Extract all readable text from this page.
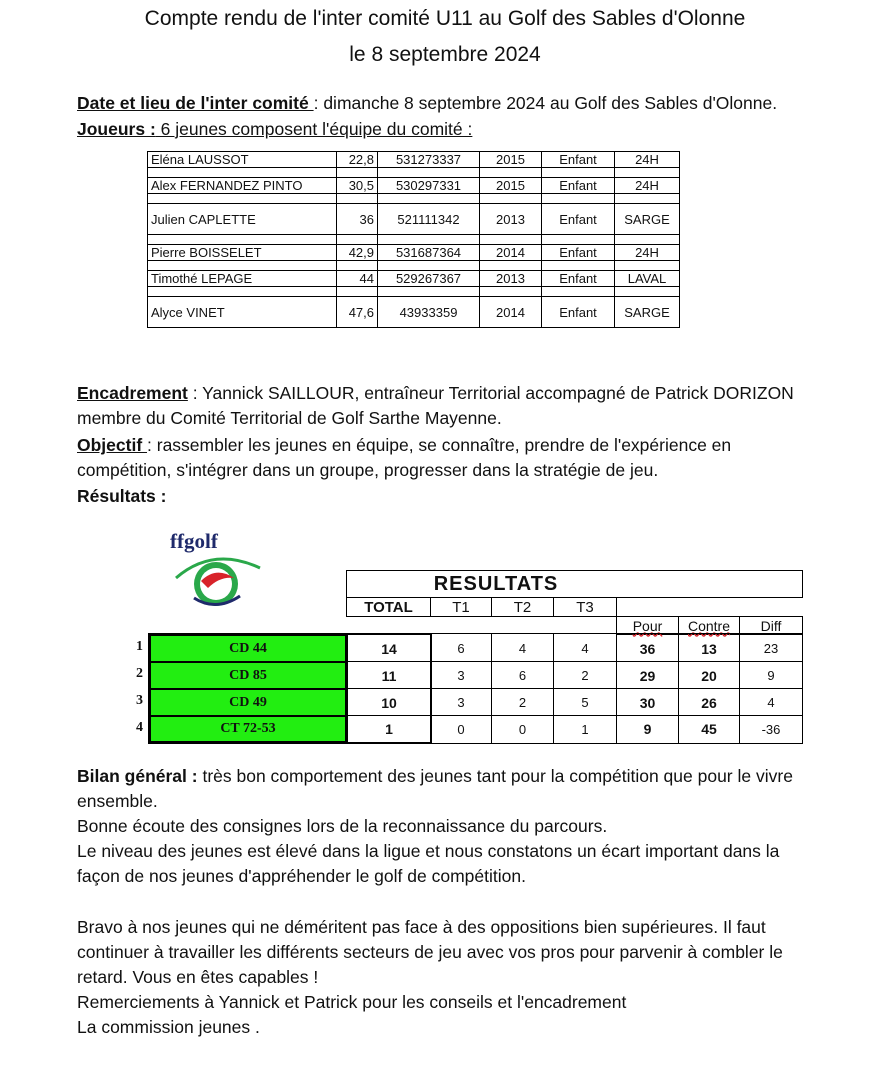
Compte rendu de l'inter comité U11 au Golf des Sables d'Olonne
le 8 septembre 2024
Date et lieu de l'inter comité : dimanche 8 septembre 2024 au Golf des Sables d'Olonne.
Joueurs : 6 jeunes composent l'équipe du comité :
Eléna LAUSSOT	22,8	531273337	2015	Enfant	24H

Alex FERNANDEZ PINTO	30,5	530297331	2015	Enfant	24H

Julien CAPLETTE	36	521111342	2013	Enfant	SARGE

Pierre BOISSELET	42,9	531687364	2014	Enfant	24H

Timothé LEPAGE	44	529267367	2013	Enfant	LAVAL

Alyce VINET	47,6	43933359	2014	Enfant	SARGE
Encadrement : Yannick SAILLOUR, entraîneur Territorial accompagné de Patrick DORIZON
membre du Comité Territorial de Golf Sarthe Mayenne.
Objectif : rassembler les jeunes en équipe, se connaître, prendre de l'expérience en
compétition, s'intégrer dans un groupe, progresser dans la stratégie de jeu.
Résultats :
ffgolf
RESULTATS
TOTAL	T1	T2	T3
Pour	Contre	Diff
1	CD 44	14	6	4	4	36	13	23
2	CD 85	11	3	6	2	29	20	9
3	CD 49	10	3	2	5	30	26	4
4	CT 72-53	1	0	0	1	9	45	-36
Bilan général : très bon comportement des jeunes tant pour la compétition que pour le vivre
ensemble.
Bonne écoute des consignes lors de la reconnaissance du parcours.
Le niveau des jeunes est élevé dans la ligue et nous constatons un écart important dans la
façon de nos jeunes d'appréhender le golf de compétition.
Bravo à nos jeunes qui ne déméritent pas face à des oppositions bien supérieures. Il faut
continuer à travailler les différents secteurs de jeu avec vos pros pour parvenir à combler le
retard. Vous en êtes capables !
Remerciements à Yannick et Patrick pour les conseils et l'encadrement
La commission jeunes .
